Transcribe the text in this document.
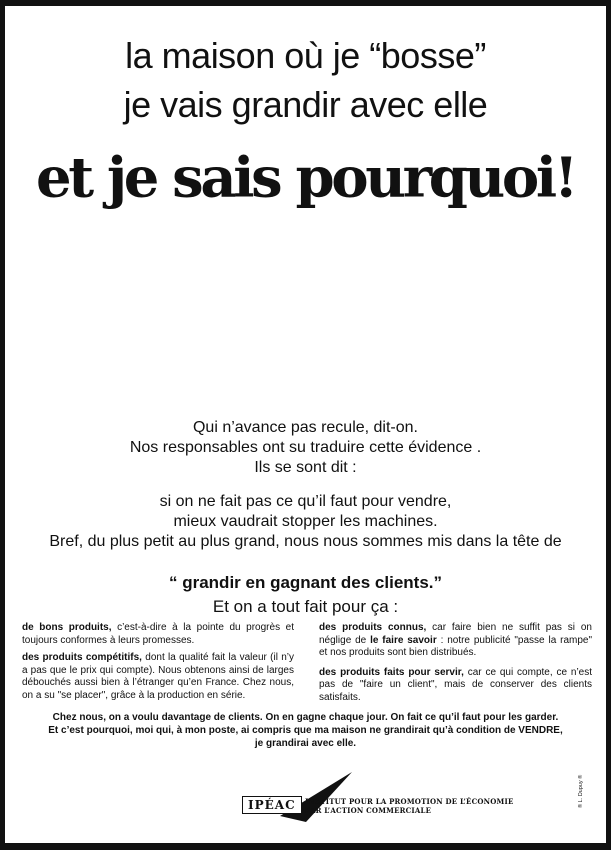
la maison où je “bosse”
je vais grandir avec elle
et je sais pourquoi!
Qui n’avance pas recule, dit-on.
Nos responsables ont su traduire cette évidence .
Ils se sont dit :
si on ne fait pas ce qu’il faut pour vendre,
mieux vaudrait stopper les machines.
Bref, du plus petit au plus grand, nous nous sommes mis dans la tête de
“ grandir en gagnant des clients.”
Et on a tout fait pour ça :

de bons produits, c’est-à-dire à la pointe du progrès et toujours conformes à leurs promesses.

des produits compétitifs, dont la qualité fait la valeur (il n’y a pas que le prix qui compte). Nous obtenons ainsi de larges débouchés aussi bien à l’étranger qu’en France. Chez nous, on a su "se placer", grâce à la production en série.

des produits connus, car faire bien ne suffit pas si on néglige de le faire savoir : notre publicité "passe la rampe" et nos produits sont bien distribués.

des produits faits pour servir, car ce qui compte, ce n’est pas de "faire un client", mais de conserver des clients satisfaits.

Chez nous, on a voulu davantage de clients. On en gagne chaque jour. On fait ce qu’il faut pour les garder.
Et c’est pourquoi, moi qui, à mon poste, ai compris que ma maison ne grandirait qu’à condition de VENDRE,
je grandirai avec elle.
IPÉAC	INSTITUT POUR LA PROMOTION DE L’ÉCONOMIE
PAR L’ACTION COMMERCIALE
® L. Dupuy ®
